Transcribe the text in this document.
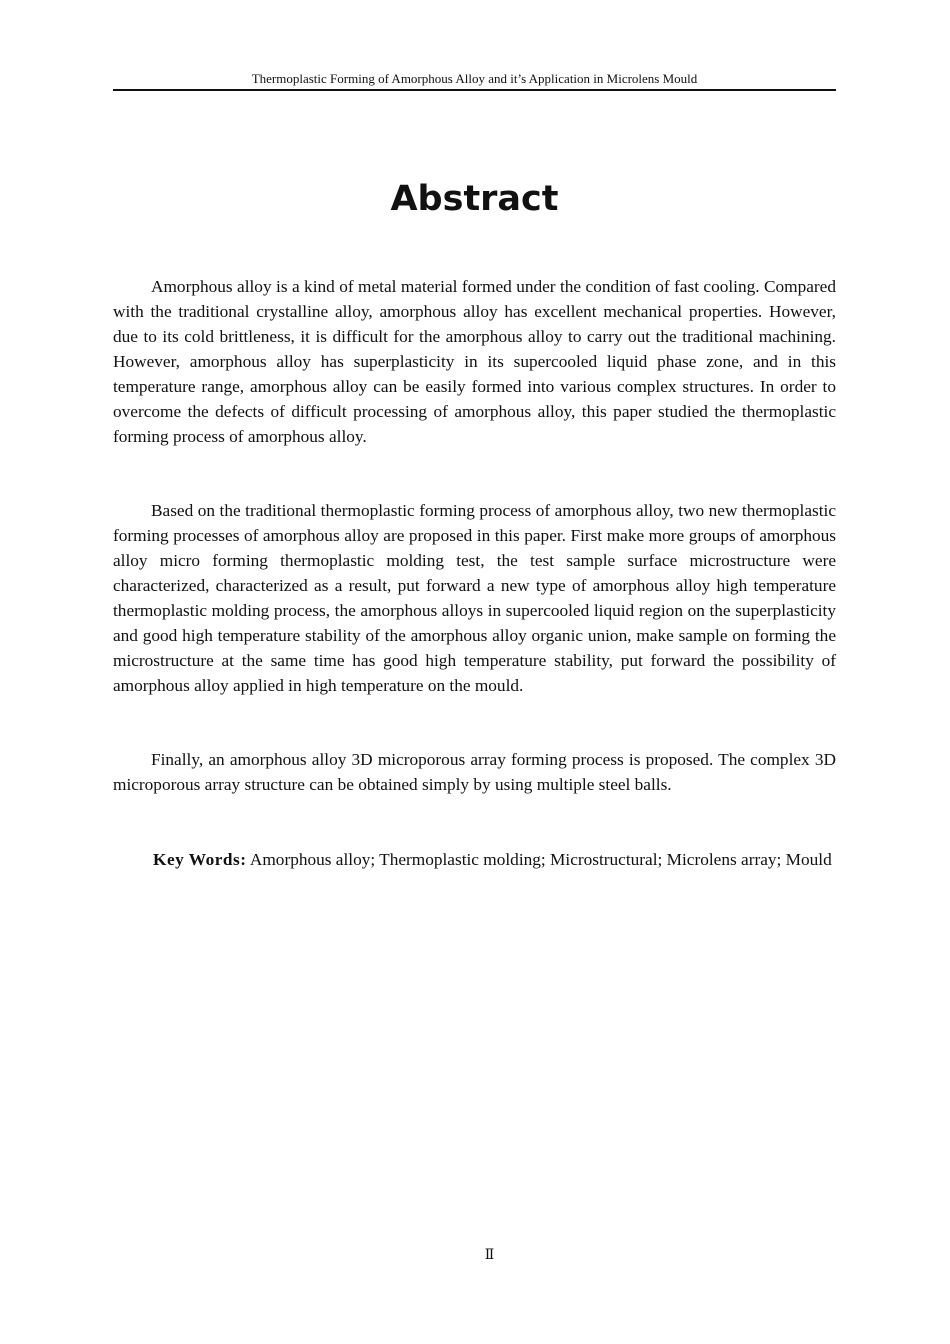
Thermoplastic Forming of Amorphous Alloy and it’s Application in Microlens Mould
Abstract

Amorphous alloy is a kind of metal material formed under the condition of fast cooling. Compared with the traditional crystalline alloy, amorphous alloy has excellent mechanical properties. However, due to its cold brittleness, it is difficult for the amorphous alloy to carry out the traditional machining. However, amorphous alloy has superplasticity in its supercooled liquid phase zone, and in this temperature range, amorphous alloy can be easily formed into various complex structures. In order to overcome the defects of difficult processing of amorphous alloy, this paper studied the thermoplastic forming process of amorphous alloy.

Based on the traditional thermoplastic forming process of amorphous alloy, two new thermoplastic forming processes of amorphous alloy are proposed in this paper. First make more groups of amorphous alloy micro forming thermoplastic molding test, the test sample surface microstructure were characterized, characterized as a result, put forward a new type of amorphous alloy high temperature thermoplastic molding process, the amorphous alloys in supercooled liquid region on the superplasticity and good high temperature stability of the amorphous alloy organic union, make sample on forming the microstructure at the same time has good high temperature stability, put forward the possibility of amorphous alloy applied in high temperature on the mould.

Finally, an amorphous alloy 3D microporous array forming process is proposed. The complex 3D microporous array structure can be obtained simply by using multiple steel balls.

Key Words: Amorphous alloy; Thermoplastic molding; Microstructural; Microlens array; Mould

Ⅱ
